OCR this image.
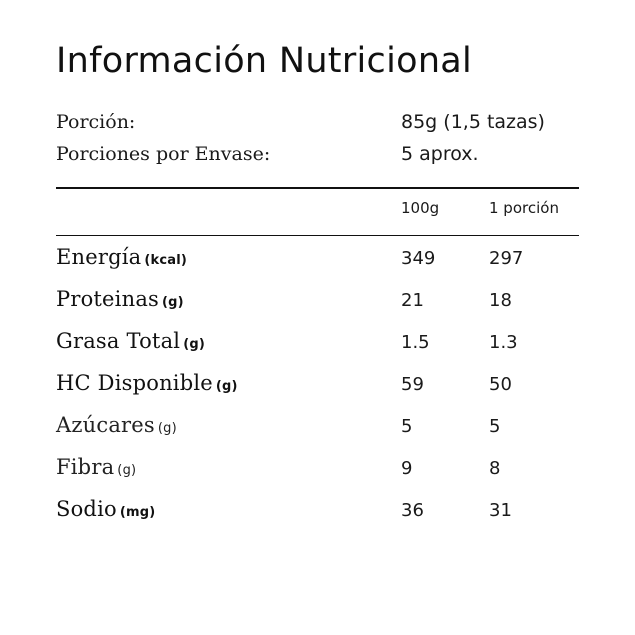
Información Nutricional
Porción:	85g (1,5 tazas)
Porciones por Envase:	5 aprox.
	100g	1 porción
Energía (kcal)	349	297
Proteinas (g)	21	18
Grasa Total (g)	1.5	1.3
HC Disponible (g)	59	50
Azúcares (g)	5	5
Fibra (g)	9	8
Sodio (mg)	36	31
